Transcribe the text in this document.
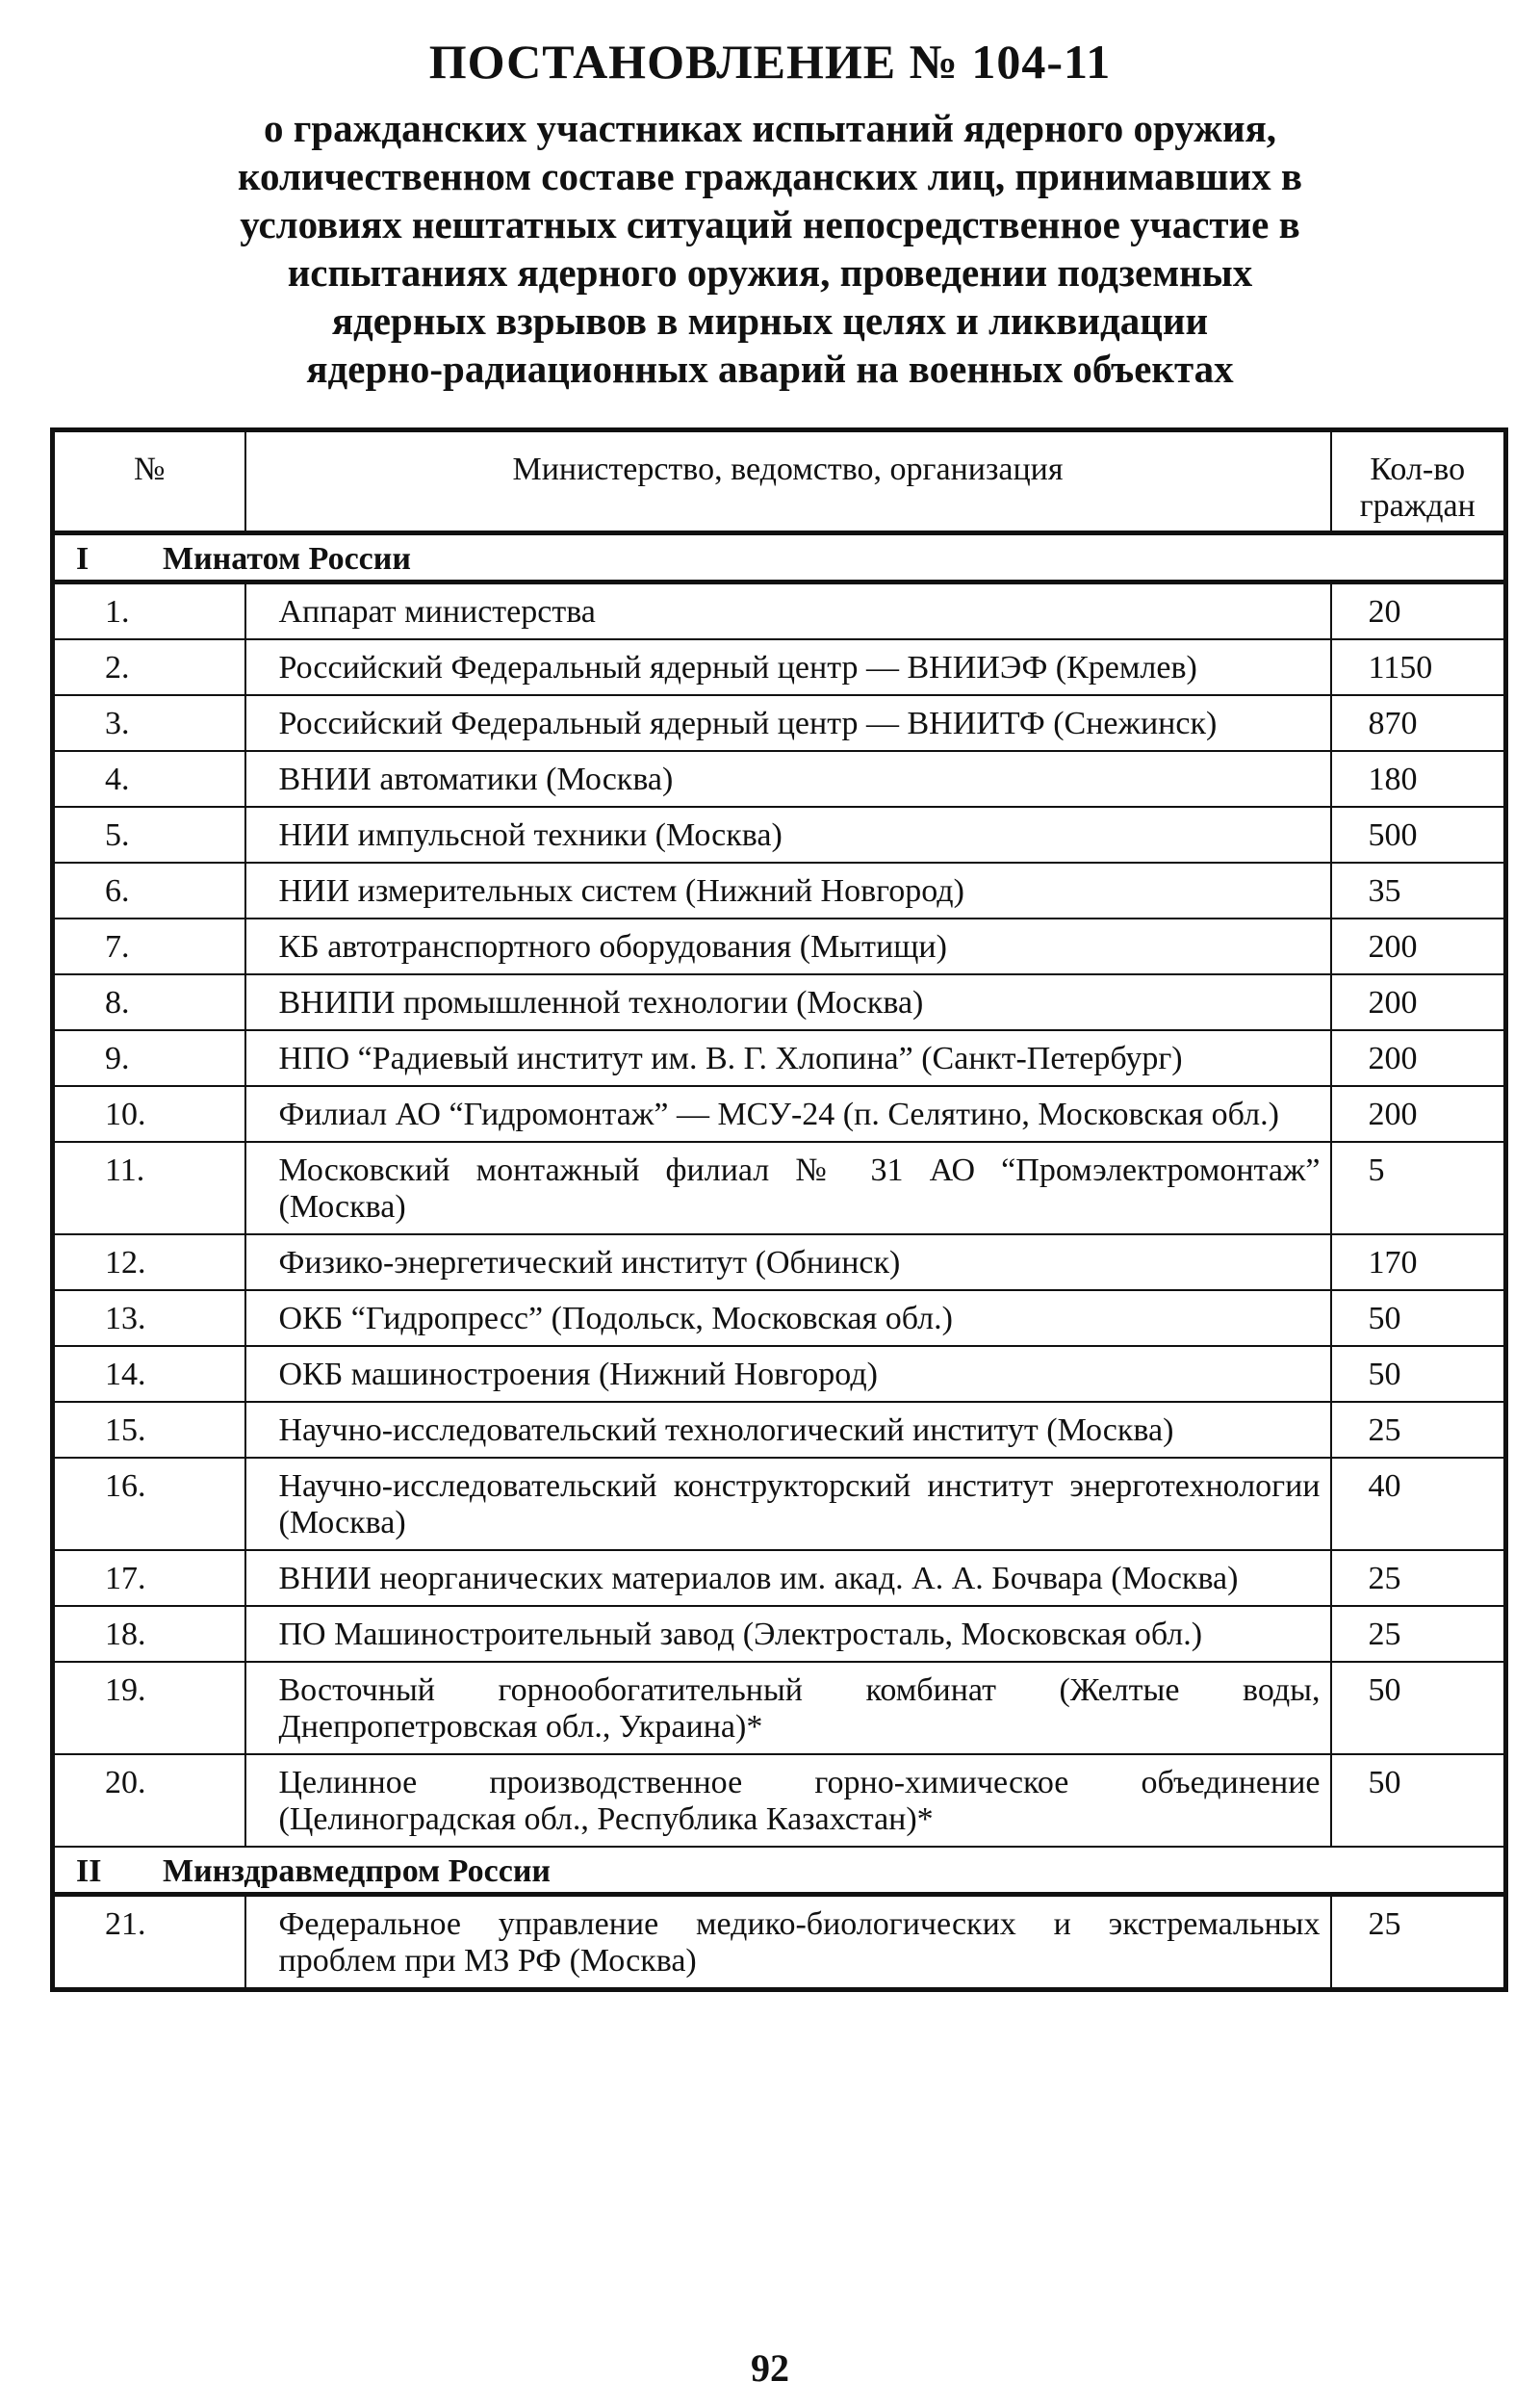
ПОСТАНОВЛЕНИЕ № 104-11
о гражданских участниках испытаний ядерного оружия,
количественном составе гражданских лиц, принимавших в
условиях нештатных ситуаций непосредственное участие в
испытаниях ядерного оружия, проведении подземных
ядерных взрывов в мирных целях и ликвидации
ядерно-радиационных аварий на военных объектах
№	Министерство, ведомство, организация	Кол-во граждан
I Минатом России		
1.	Аппарат министерства	20
2.	Российский Федеральный ядерный центр — ВНИИЭФ (Кремлев)	1150
3.	Российский Федеральный ядерный центр — ВНИИТФ (Снежинск)	870
4.	ВНИИ автоматики (Москва)	180
5.	НИИ импульсной техники (Москва)	500
6.	НИИ измерительных систем (Нижний Новгород)	35
7.	КБ автотранспортного оборудования (Мытищи)	200
8.	ВНИПИ промышленной технологии (Москва)	200
9.	НПО “Радиевый институт им. В. Г. Хлопина” (Санкт-Петербург)	200
10.	Филиал АО “Гидромонтаж” — МСУ-24 (п. Селятино, Московская обл.)	200
11.	Московский монтажный филиал № 31 АО “Промэлектромонтаж” (Москва)	5
12.	Физико-энергетический институт (Обнинск)	170
13.	ОКБ “Гидропресс” (Подольск, Московская обл.)	50
14.	ОКБ машиностроения (Нижний Новгород)	50
15.	Научно-исследовательский технологический институт (Москва)	25
16.	Научно-исследовательский конструкторский институт энерготехнологии (Москва)	40
17.	ВНИИ неорганических материалов им. акад. А. А. Бочвара (Москва)	25
18.	ПО Машиностроительный завод (Электросталь, Московская обл.)	25
19.	Восточный горнообогатительный комбинат (Желтые воды, Днепропетровская обл., Украина)*	50
20.	Целинное производственное горно-химическое объединение (Целиноградская обл., Республика Казахстан)*	50
II Минздравмедпром России		
21.	Федеральное управление медико-биологических и экстремальных проблем при МЗ РФ (Москва)	25
92
